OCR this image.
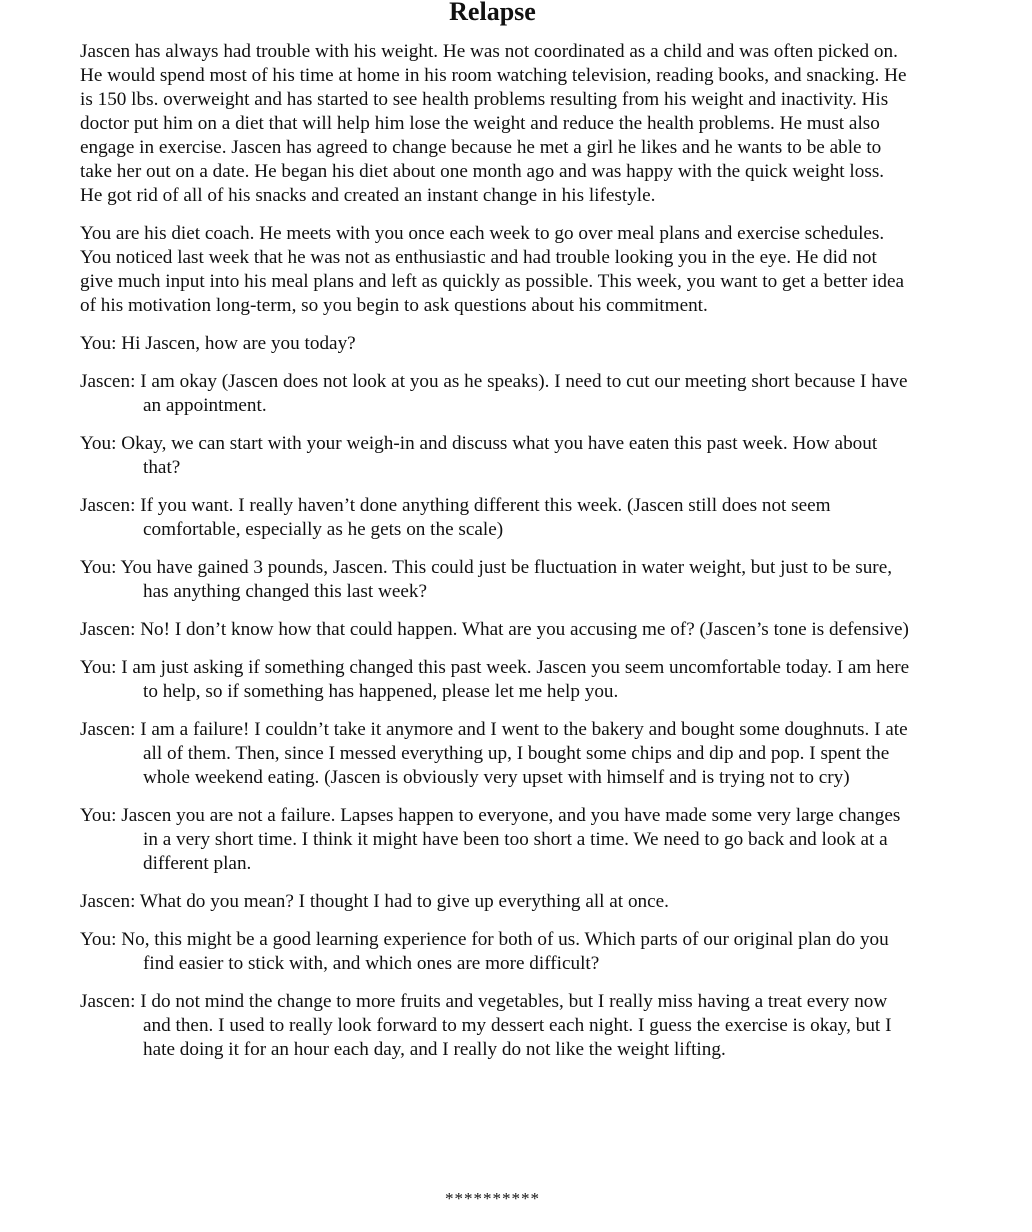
Relapse

Jascen has always had trouble with his weight. He was not coordinated as a child and was often picked on. He would spend most of his time at home in his room watching television, reading books, and snacking. He is 150 lbs. overweight and has started to see health problems resulting from his weight and inactivity. His doctor put him on a diet that will help him lose the weight and reduce the health problems. He must also engage in exercise. Jascen has agreed to change because he met a girl he likes and he wants to be able to take her out on a date. He began his diet about one month ago and was happy with the quick weight loss. He got rid of all of his snacks and created an instant change in his lifestyle.

You are his diet coach. He meets with you once each week to go over meal plans and exercise schedules. You noticed last week that he was not as enthusiastic and had trouble looking you in the eye. He did not give much input into his meal plans and left as quickly as possible. This week, you want to get a better idea of his motivation long-term, so you begin to ask questions about his commitment.

You: Hi Jascen, how are you today?

Jascen: I am okay (Jascen does not look at you as he speaks). I need to cut our meeting short because I have an appointment.

You: Okay, we can start with your weigh-in and discuss what you have eaten this past week. How about that?

Jascen: If you want. I really haven’t done anything different this week. (Jascen still does not seem comfortable, especially as he gets on the scale)

You: You have gained 3 pounds, Jascen. This could just be fluctuation in water weight, but just to be sure, has anything changed this last week?

Jascen: No! I don’t know how that could happen. What are you accusing me of? (Jascen’s tone is defensive)

You: I am just asking if something changed this past week. Jascen you seem uncomfortable today. I am here to help, so if something has happened, please let me help you.

Jascen: I am a failure! I couldn’t take it anymore and I went to the bakery and bought some doughnuts. I ate all of them. Then, since I messed everything up, I bought some chips and dip and pop. I spent the whole weekend eating. (Jascen is obviously very upset with himself and is trying not to cry)

You: Jascen you are not a failure. Lapses happen to everyone, and you have made some very large changes in a very short time. I think it might have been too short a time. We need to go back and look at a different plan.

Jascen: What do you mean? I thought I had to give up everything all at once.

You: No, this might be a good learning experience for both of us. Which parts of our original plan do you find easier to stick with, and which ones are more difficult?

Jascen: I do not mind the change to more fruits and vegetables, but I really miss having a treat every now and then. I used to really look forward to my dessert each night. I guess the exercise is okay, but I hate doing it for an hour each day, and I really do not like the weight lifting.

**********
